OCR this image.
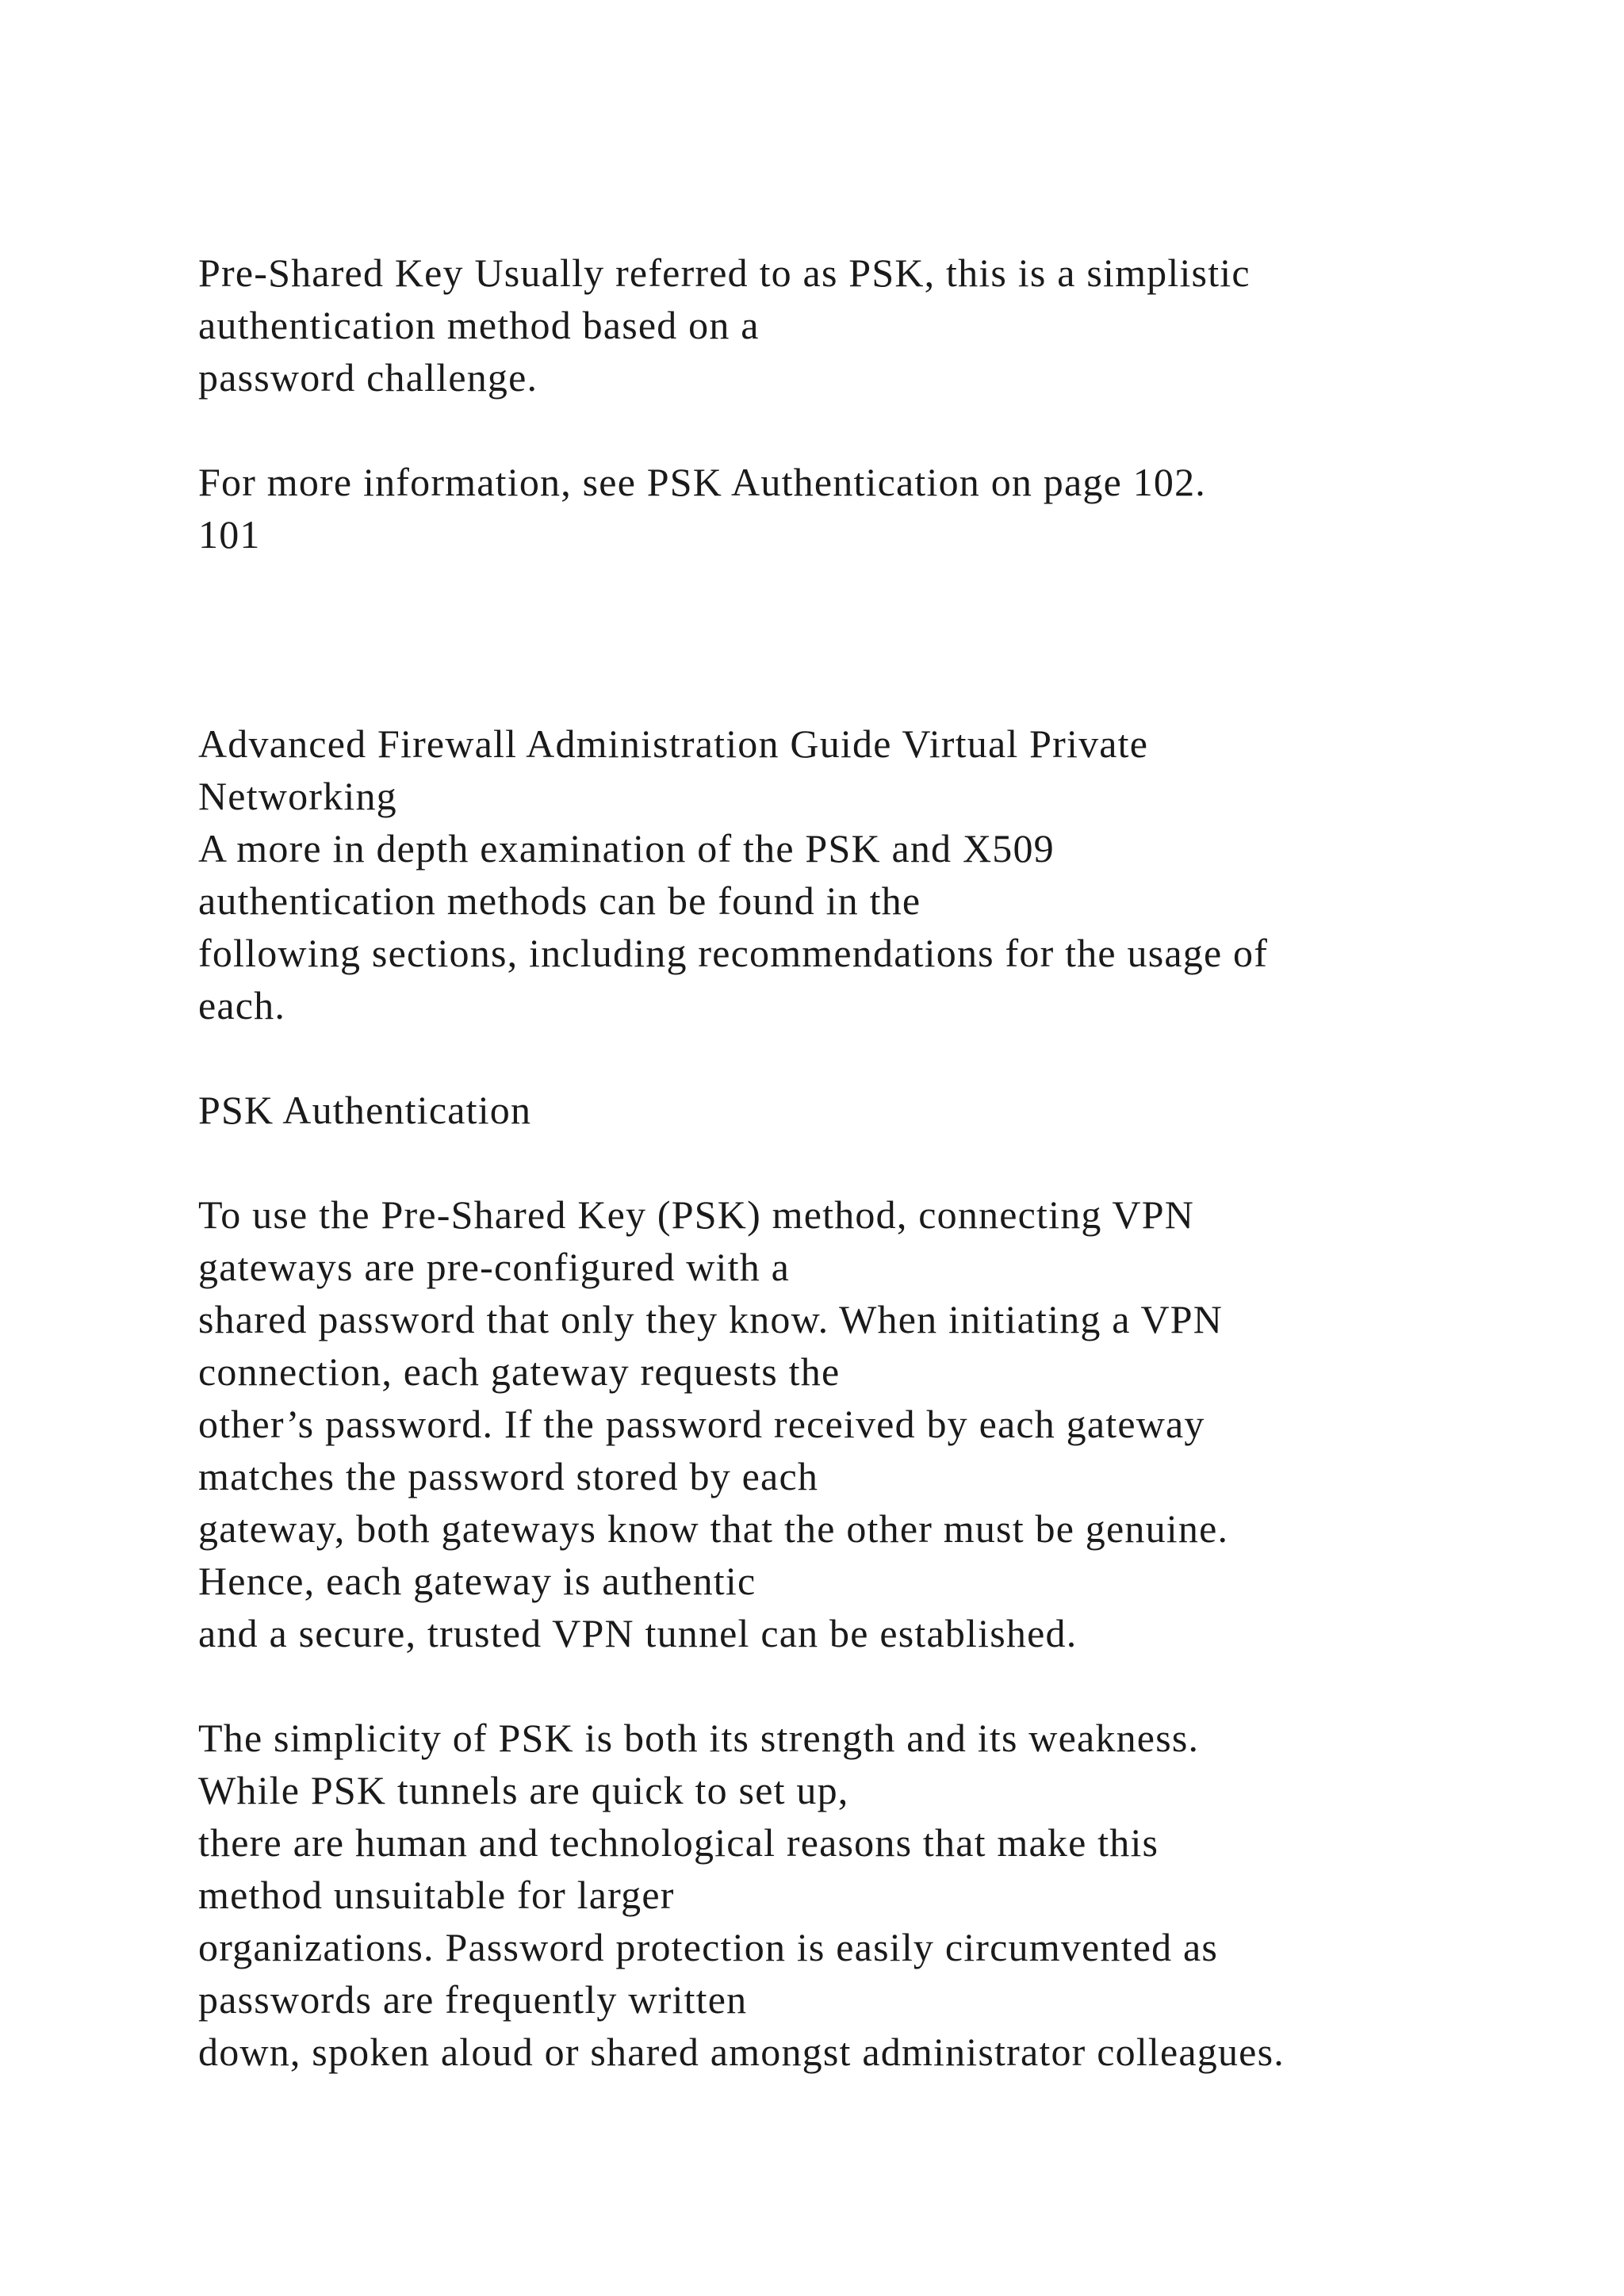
Pre-Shared Key Usually referred to as PSK, this is a simplistic
authentication method based on a
password challenge.
For more information, see PSK Authentication on page 102.
101
Advanced Firewall Administration Guide Virtual Private
Networking
A more in depth examination of the PSK and X509
authentication methods can be found in the
following sections, including recommendations for the usage of
each.
PSK Authentication
To use the Pre-Shared Key (PSK) method, connecting VPN
gateways are pre-configured with a
shared password that only they know. When initiating a VPN
connection, each gateway requests the
other’s password. If the password received by each gateway
matches the password stored by each
gateway, both gateways know that the other must be genuine.
Hence, each gateway is authentic
and a secure, trusted VPN tunnel can be established.
The simplicity of PSK is both its strength and its weakness.
While PSK tunnels are quick to set up,
there are human and technological reasons that make this
method unsuitable for larger
organizations. Password protection is easily circumvented as
passwords are frequently written
down, spoken aloud or shared amongst administrator colleagues.
